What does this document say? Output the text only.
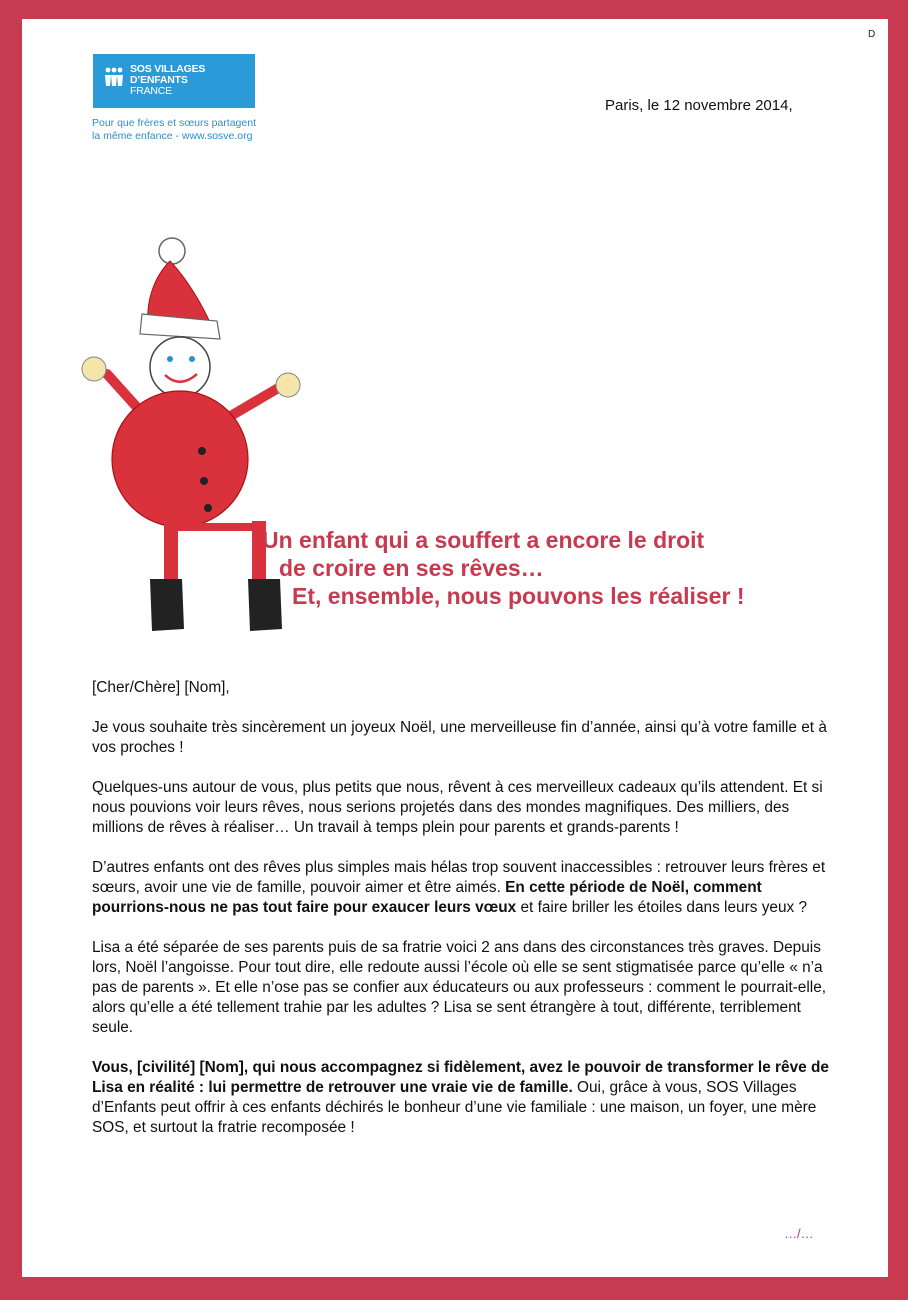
D
SOS VILLAGES
D’ENFANTS
FRANCE
Pour que frères et sœurs partagent
la même enfance - www.sosve.org
Paris, le 12 novembre 2014,
Un enfant qui a souffert a encore le droit
de croire en ses rêves…
Et, ensemble, nous pouvons les réaliser !

[Cher/Chère] [Nom],

Je vous souhaite très sincèrement un joyeux Noël, une merveilleuse fin d’année, ainsi qu’à votre famille et à vos proches !

Quelques-uns autour de vous, plus petits que nous, rêvent à ces merveilleux cadeaux qu’ils attendent. Et si nous pouvions voir leurs rêves, nous serions projetés dans des mondes magnifiques. Des milliers, des millions de rêves à réaliser… Un travail à temps plein pour parents et grands-parents !

D’autres enfants ont des rêves plus simples mais hélas trop souvent inaccessibles : retrouver leurs frères et sœurs, avoir une vie de famille, pouvoir aimer et être aimés. En cette période de Noël, comment pourrions-nous ne pas tout faire pour exaucer leurs vœux et faire briller les étoiles dans leurs yeux ?

Lisa a été séparée de ses parents puis de sa fratrie voici 2 ans dans des circonstances très graves. Depuis lors, Noël l’angoisse. Pour tout dire, elle redoute aussi l’école où elle se sent stigmatisée parce qu’elle « n’a pas de parents ». Et elle n’ose pas se confier aux éducateurs ou aux professeurs : comment le pourrait-elle, alors qu’elle a été tellement trahie par les adultes ? Lisa se sent étrangère à tout, différente, terriblement seule.

Vous, [civilité] [Nom], qui nous accompagnez si fidèlement, avez le pouvoir de transformer le rêve de Lisa en réalité : lui permettre de retrouver une vraie vie de famille. Oui, grâce à vous, SOS Villages d’Enfants peut offrir à ces enfants déchirés le bonheur d’une vie familiale : une maison, un foyer, une mère SOS, et surtout la fratrie recomposée !

…/…
